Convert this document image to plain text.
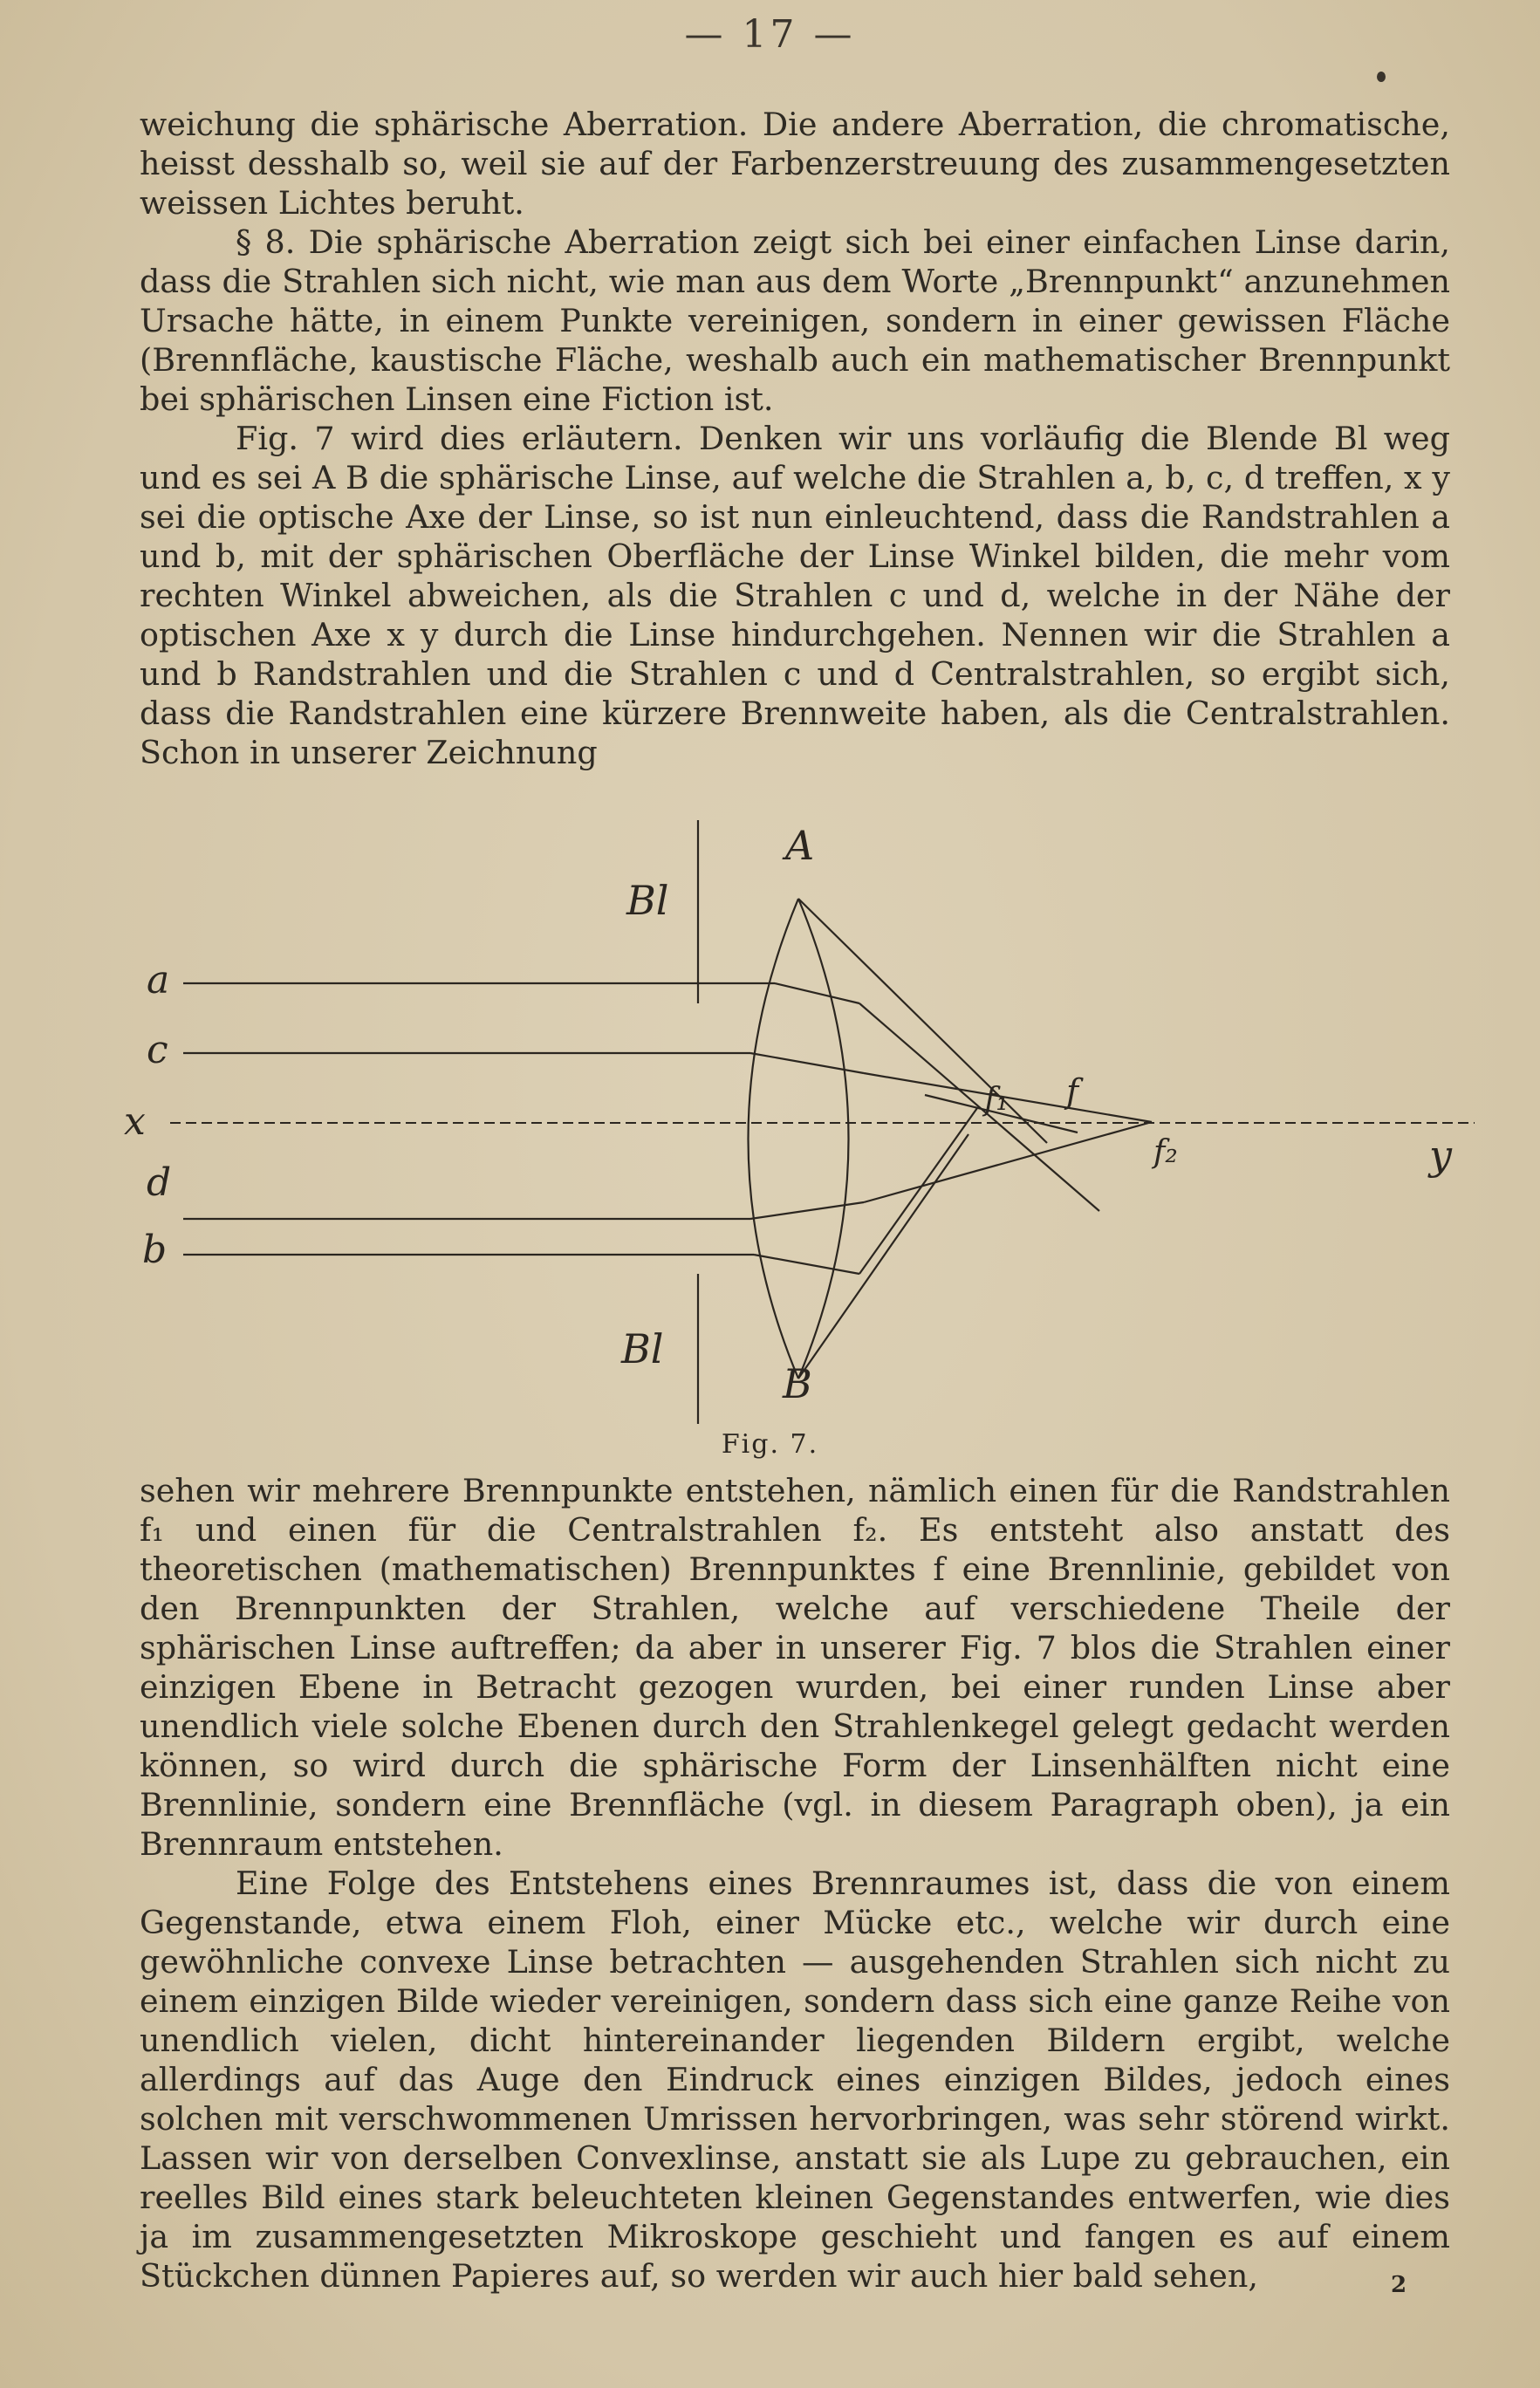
— 17 —

weichung die sphärische Aberration. Die andere Aberration, die chromatische, heisst desshalb so, weil sie auf der Farbenzerstreuung des zusammengesetzten weissen Lichtes beruht.

§ 8. Die sphärische Aberration zeigt sich bei einer einfachen Linse darin, dass die Strahlen sich nicht, wie man aus dem Worte „Brennpunkt“ anzunehmen Ursache hätte, in einem Punkte vereinigen, sondern in einer gewissen Fläche (Brennfläche, kaustische Fläche, weshalb auch ein mathematischer Brennpunkt bei sphärischen Linsen eine Fiction ist.

Fig. 7 wird dies erläutern. Denken wir uns vorläufig die Blende Bl weg und es sei A B die sphärische Linse, auf welche die Strahlen a, b, c, d treffen, x y sei die optische Axe der Linse, so ist nun einleuchtend, dass die Randstrahlen a und b, mit der sphärischen Oberfläche der Linse Winkel bilden, die mehr vom rechten Winkel abweichen, als die Strahlen c und d, welche in der Nähe der optischen Axe x y durch die Linse hindurchgehen. Nennen wir die Strahlen a und b Randstrahlen und die Strahlen c und d Centralstrahlen, so ergibt sich, dass die Randstrahlen eine kürzere Brennweite haben, als die Centralstrahlen. Schon in unserer Zeichnung

a
c
x
d
b
A
B
Bl
Bl
f₁ f
f₂	y
Fig. 7.

sehen wir mehrere Brennpunkte entstehen, nämlich einen für die Randstrahlen f₁ und einen für die Centralstrahlen f₂. Es entsteht also anstatt des theoretischen (mathematischen) Brennpunktes f eine Brennlinie, gebildet von den Brennpunkten der Strahlen, welche auf verschiedene Theile der sphärischen Linse auftreffen; da aber in unserer Fig. 7 blos die Strahlen einer einzigen Ebene in Betracht gezogen wurden, bei einer runden Linse aber unendlich viele solche Ebenen durch den Strahlenkegel gelegt gedacht werden können, so wird durch die sphärische Form der Linsenhälften nicht eine Brennlinie, sondern eine Brennfläche (vgl. in diesem Paragraph oben), ja ein Brennraum entstehen.

Eine Folge des Entstehens eines Brennraumes ist, dass die von einem Gegenstande, etwa einem Floh, einer Mücke etc., welche wir durch eine gewöhnliche convexe Linse betrachten — ausgehenden Strahlen sich nicht zu einem einzigen Bilde wieder vereinigen, sondern dass sich eine ganze Reihe von unendlich vielen, dicht hintereinander liegenden Bildern ergibt, welche allerdings auf das Auge den Eindruck eines einzigen Bildes, jedoch eines solchen mit verschwommenen Umrissen hervorbringen, was sehr störend wirkt. Lassen wir von derselben Convexlinse, anstatt sie als Lupe zu gebrauchen, ein reelles Bild eines stark beleuchteten kleinen Gegenstandes entwerfen, wie dies ja im zusammengesetzten Mikroskope geschieht und fangen es auf einem Stückchen dünnen Papieres auf, so werden wir auch hier bald sehen,	2
